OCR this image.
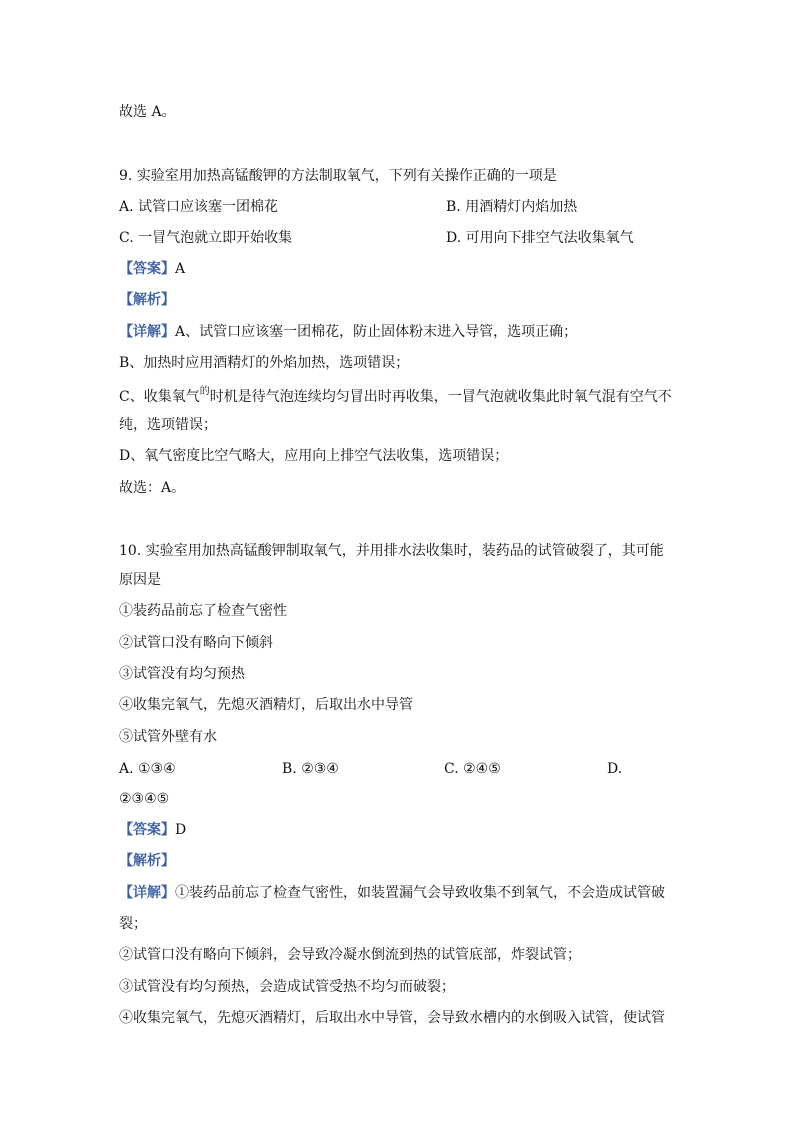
故选 A。
9. 实验室用加热高锰酸钾的方法制取氧气，下列有关操作正确的一项是
A. 试管口应该塞一团棉花	B. 用酒精灯内焰加热
C. 一冒气泡就立即开始收集	D. 可用向下排空气法收集氧气
【答案】A
【解析】
【详解】A、试管口应该塞一团棉花，防止固体粉末进入导管，选项正确；
B、加热时应用酒精灯的外焰加热，选项错误；
C、收集氧气$^的$时机是待气泡连续均匀冒出时再收集，一冒气泡就收集此时氧气混有空气不
纯，选项错误；
D、氧气密度比空气略大，应用向上排空气法收集，选项错误；
故选：A。
10. 实验室用加热高锰酸钾制取氧气，并用排水法收集时，装药品的试管破裂了，其可能
原因是
①装药品前忘了检查气密性
②试管口没有略向下倾斜
③试管没有均匀预热
④收集完氧气，先熄灭酒精灯，后取出水中导管
⑤试管外壁有水
A. ①③④	B. ②③④	C. ②④⑤	D.
②③④⑤
【答案】D
【解析】
【详解】①装药品前忘了检查气密性，如装置漏气会导致收集不到氧气，不会造成试管破
裂；
②试管口没有略向下倾斜，会导致冷凝水倒流到热的试管底部，炸裂试管；
③试管没有均匀预热，会造成试管受热不均匀而破裂；
④收集完氧气，先熄灭酒精灯，后取出水中导管，会导致水槽内的水倒吸入试管，使试管
